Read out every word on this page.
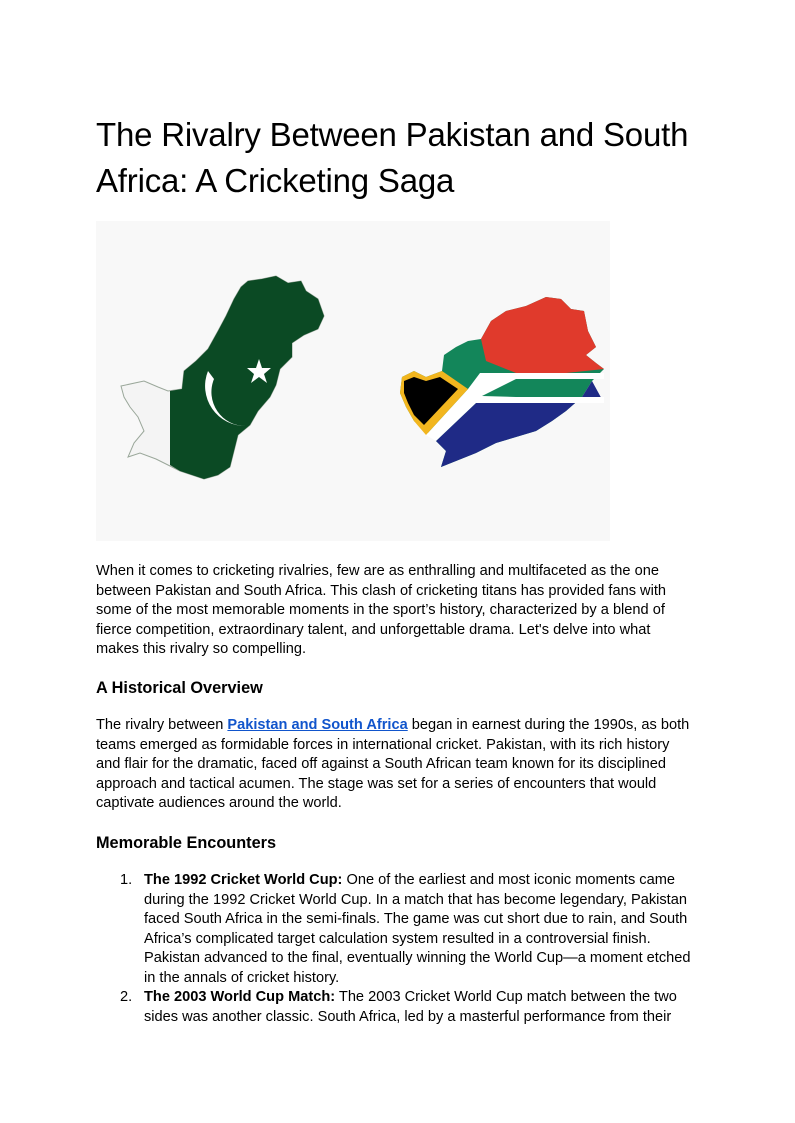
The Rivalry Between Pakistan and South Africa: A Cricketing Saga

When it comes to cricketing rivalries, few are as enthralling and multifaceted as the one between Pakistan and South Africa. This clash of cricketing titans has provided fans with some of the most memorable moments in the sport’s history, characterized by a blend of fierce competition, extraordinary talent, and unforgettable drama. Let's delve into what makes this rivalry so compelling.

A Historical Overview

The rivalry between Pakistan and South Africa began in earnest during the 1990s, as both teams emerged as formidable forces in international cricket. Pakistan, with its rich history and flair for the dramatic, faced off against a South African team known for its disciplined approach and tactical acumen. The stage was set for a series of encounters that would captivate audiences around the world.

Memorable Encounters
1. The 1992 Cricket World Cup: One of the earliest and most iconic moments came during the 1992 Cricket World Cup. In a match that has become legendary, Pakistan faced South Africa in the semi-finals. The game was cut short due to rain, and South Africa’s complicated target calculation system resulted in a controversial finish. Pakistan advanced to the final, eventually winning the World Cup—a moment etched in the annals of cricket history.
2. The 2003 World Cup Match: The 2003 Cricket World Cup match between the two sides was another classic. South Africa, led by a masterful performance from their
